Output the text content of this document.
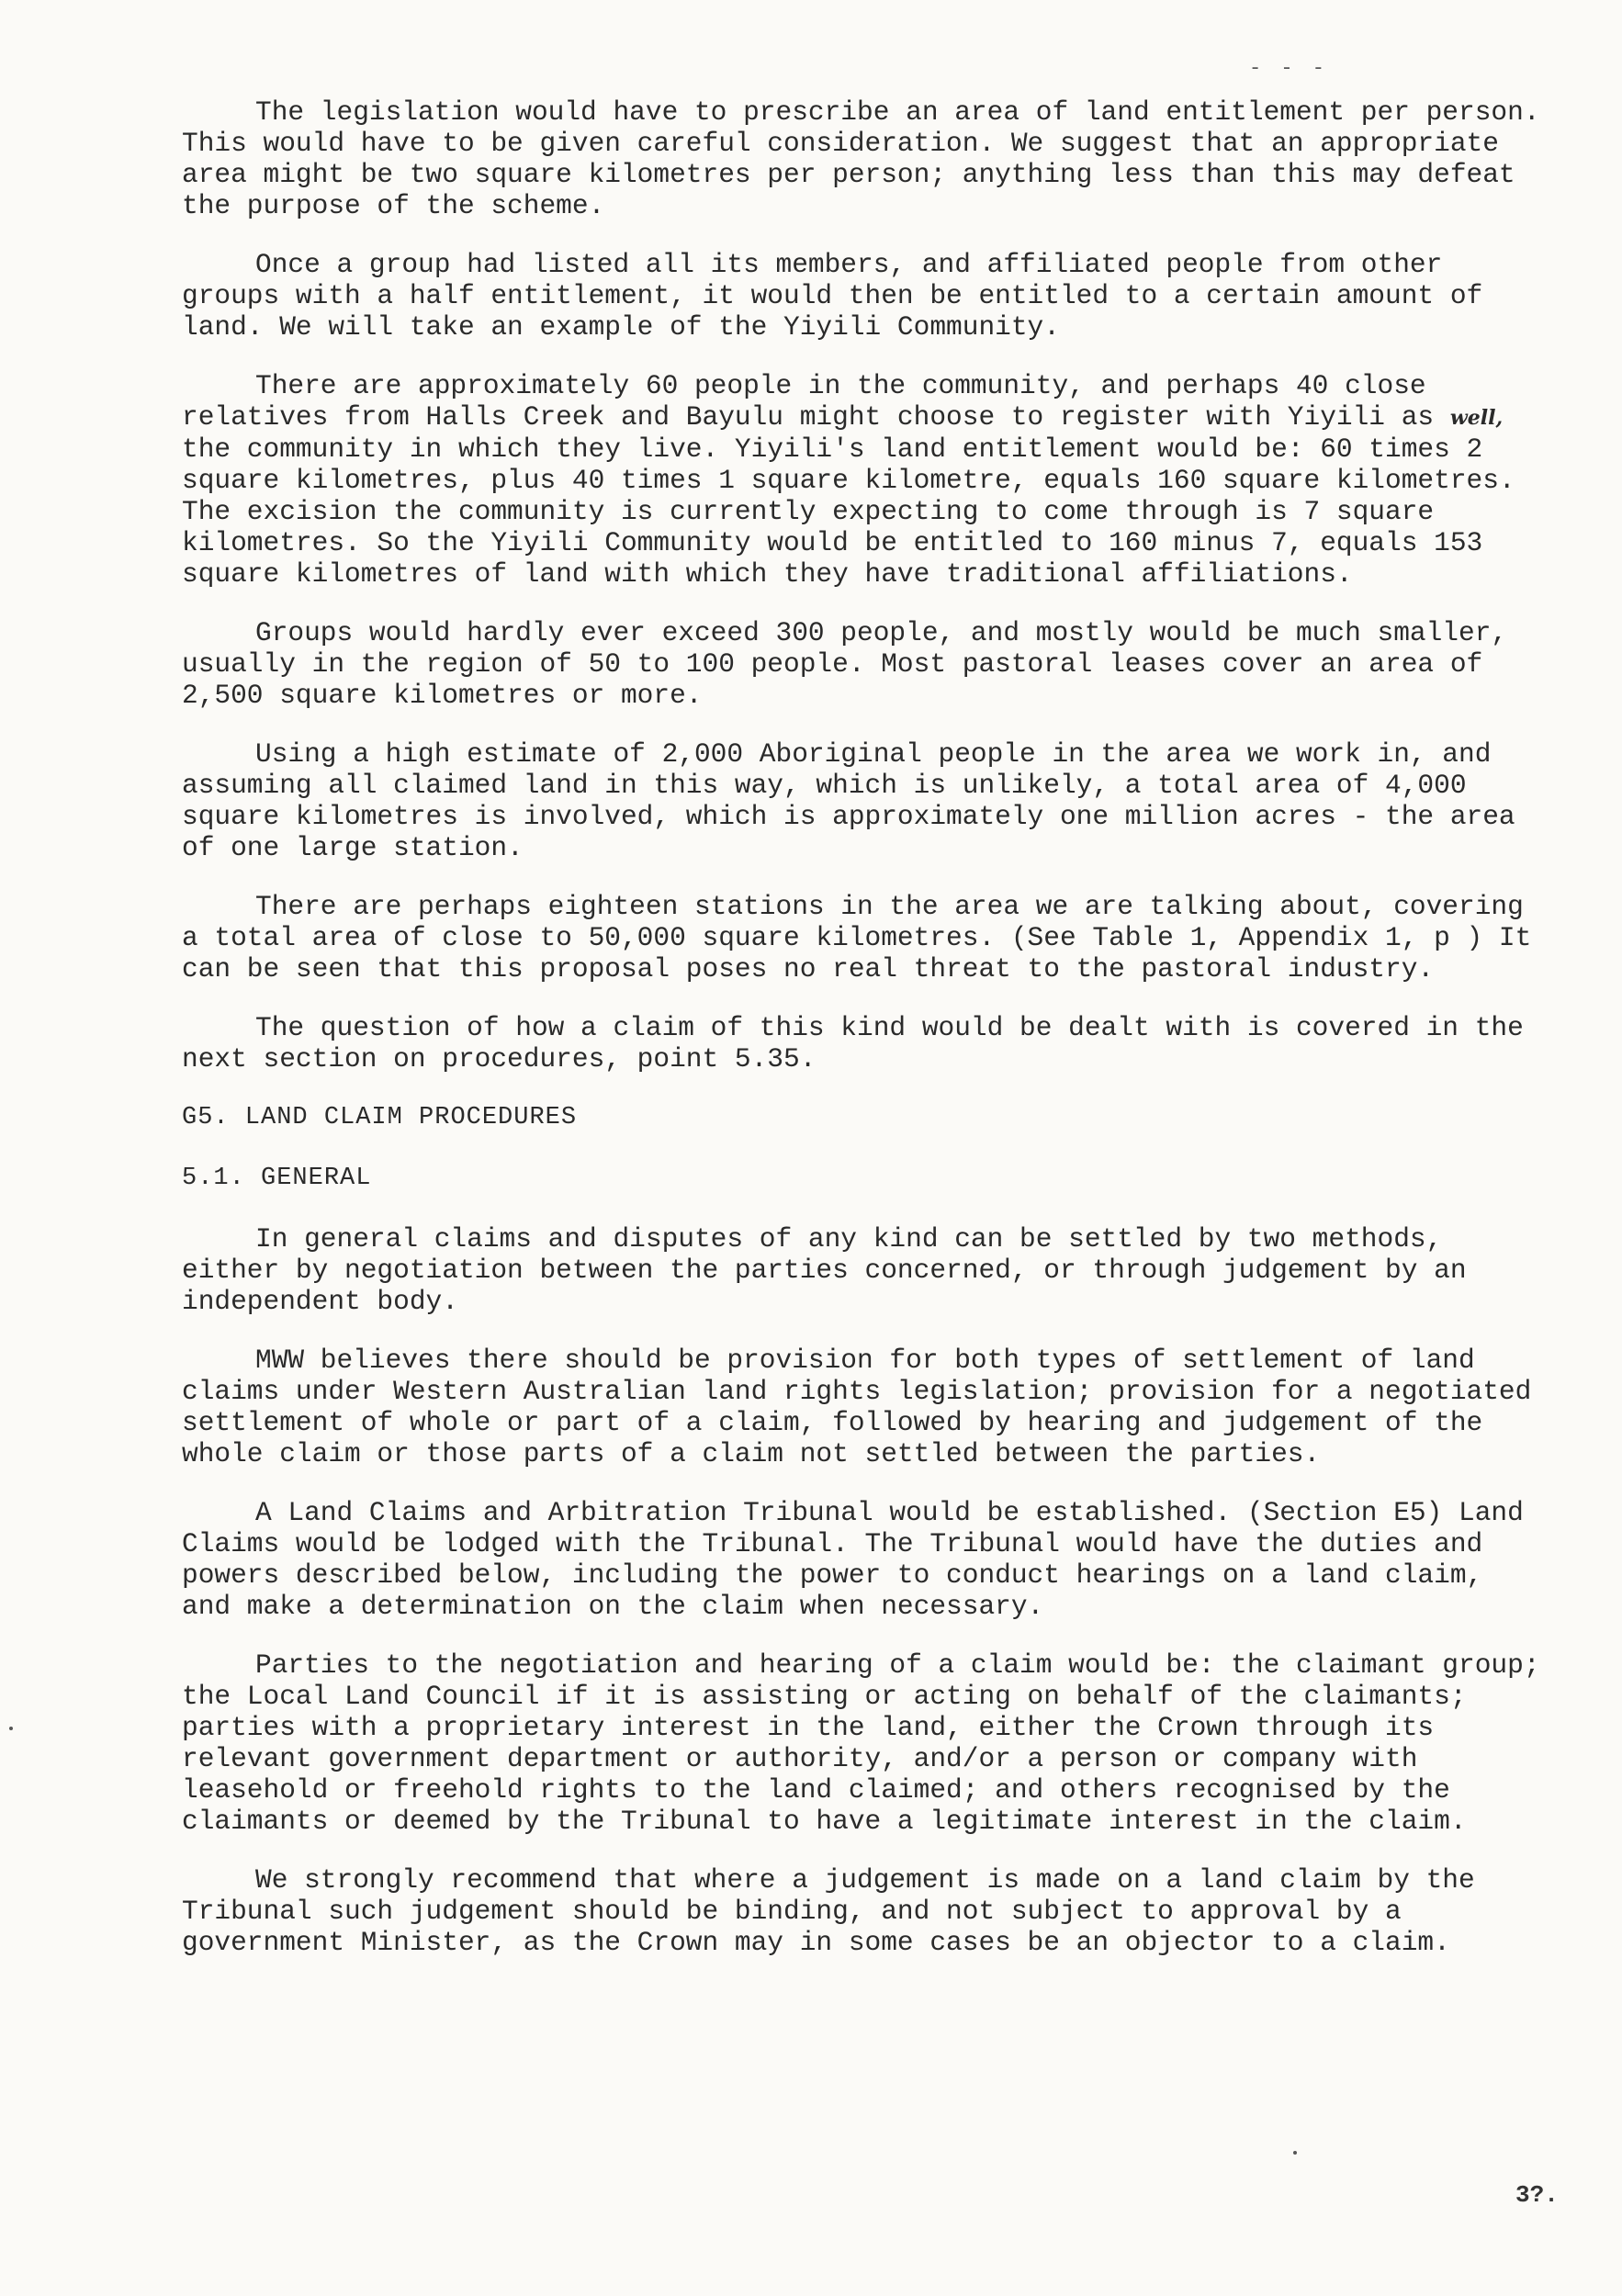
- - -

The legislation would have to prescribe an area of land entitlement per person. This would have to be given careful consideration. We suggest that an appropriate area might be two square kilometres per person; anything less than this may defeat the purpose of the scheme.

Once a group had listed all its members, and affiliated people from other groups with a half entitlement, it would then be entitled to a certain amount of land. We will take an example of the Yiyili Community.

There are approximately 60 people in the community, and perhaps 40 close relatives from Halls Creek and Bayulu might choose to register with Yiyili as well, the community in which they live. Yiyili's land entitlement would be: 60 times 2 square kilometres, plus 40 times 1 square kilometre, equals 160 square kilometres. The excision the community is currently expecting to come through is 7 square kilometres. So the Yiyili Community would be entitled to 160 minus 7, equals 153 square kilometres of land with which they have traditional affiliations.

Groups would hardly ever exceed 300 people, and mostly would be much smaller, usually in the region of 50 to 100 people. Most pastoral leases cover an area of 2,500 square kilometres or more.

Using a high estimate of 2,000 Aboriginal people in the area we work in, and assuming all claimed land in this way, which is unlikely, a total area of 4,000 square kilometres is involved, which is approximately one million acres - the area of one large station.

There are perhaps eighteen stations in the area we are talking about, covering a total area of close to 50,000 square kilometres. (See Table 1, Appendix 1, p ) It can be seen that this proposal poses no real threat to the pastoral industry.

The question of how a claim of this kind would be dealt with is covered in the next section on procedures, point 5.35.

G5. LAND CLAIM PROCEDURES
5.1. GENERAL

In general claims and disputes of any kind can be settled by two methods, either by negotiation between the parties concerned, or through judgement by an independent body.

MWW believes there should be provision for both types of settlement of land claims under Western Australian land rights legislation; provision for a negotiated settlement of whole or part of a claim, followed by hearing and judgement of the whole claim or those parts of a claim not settled between the parties.

A Land Claims and Arbitration Tribunal would be established. (Section E5) Land Claims would be lodged with the Tribunal. The Tribunal would have the duties and powers described below, including the power to conduct hearings on a land claim, and make a determination on the claim when necessary.

Parties to the negotiation and hearing of a claim would be: the claimant group; the Local Land Council if it is assisting or acting on behalf of the claimants; parties with a proprietary interest in the land, either the Crown through its relevant government department or authority, and/or a person or company with leasehold or freehold rights to the land claimed; and others recognised by the claimants or deemed by the Tribunal to have a legitimate interest in the claim.

We strongly recommend that where a judgement is made on a land claim by the Tribunal such judgement should be binding, and not subject to approval by a government Minister, as the Crown may in some cases be an objector to a claim.

3?.
